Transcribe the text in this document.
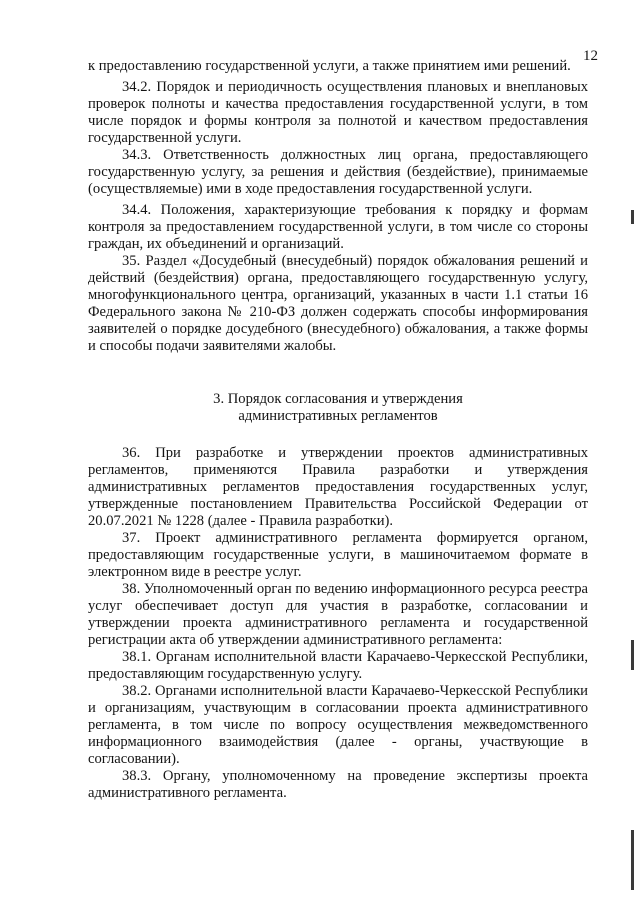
12

к предоставлению государственной услуги, а также принятием ими решений.

34.2. Порядок и периодичность осуществления плановых и внеплановых проверок полноты и качества предоставления государственной услуги, в том числе порядок и формы контроля за полнотой и качеством предоставления государственной услуги.

34.3. Ответственность должностных лиц органа, предоставляющего государственную услугу, за решения и действия (бездействие), принимаемые (осуществляемые) ими в ходе предоставления государственной услуги.

34.4. Положения, характеризующие требования к порядку и формам контроля за предоставлением государственной услуги, в том числе со стороны граждан, их объединений и организаций.

35. Раздел «Досудебный (внесудебный) порядок обжалования решений и действий (бездействия) органа, предоставляющего государственную услугу, многофункционального центра, организаций, указанных в части 1.1 статьи 16 Федерального закона № 210-ФЗ должен содержать способы информирования заявителей о порядке досудебного (внесудебного) обжалования, а также формы и способы подачи заявителями жалобы.

3. Порядок согласования и утверждения
административных регламентов

36. При разработке и утверждении проектов административных регламентов, применяются Правила разработки и утверждения административных регламентов предоставления государственных услуг, утвержденные постановлением Правительства Российской Федерации от 20.07.2021 № 1228 (далее - Правила разработки).

37. Проект административного регламента формируется органом, предоставляющим государственные услуги, в машиночитаемом формате в электронном виде в реестре услуг.

38. Уполномоченный орган по ведению информационного ресурса реестра услуг обеспечивает доступ для участия в разработке, согласовании и утверждении проекта административного регламента и государственной регистрации акта об утверждении административного регламента:

38.1. Органам исполнительной власти Карачаево-Черкесской Республики, предоставляющим государственную услугу.

38.2. Органами исполнительной власти Карачаево-Черкесской Республики и организациям, участвующим в согласовании проекта административного регламента, в том числе по вопросу осуществления межведомственного информационного взаимодействия (далее - органы, участвующие в согласовании).

38.3. Органу, уполномоченному на проведение экспертизы проекта административного регламента.
